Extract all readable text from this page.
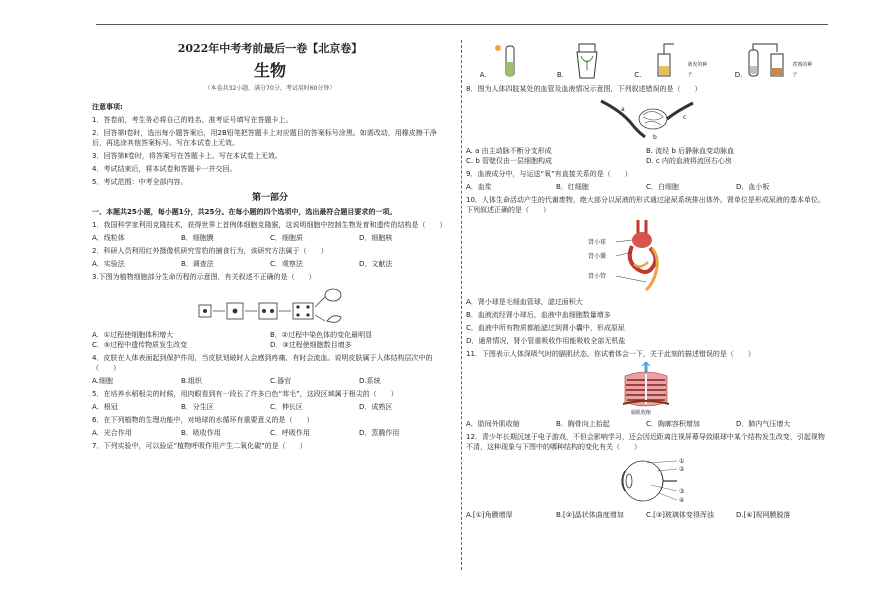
2022年中考考前最后一卷【北京卷】
生物
（本卷共32小题，满分70分，考试用时60分钟）

注意事项:

1．答卷前，考生务必将自己的姓名、准考证号填写在答题卡上。

2．回答第Ⅰ卷时，选出每小题答案后，用2B铅笔把答题卡上对应题目的答案标号涂黑。如需改动，用橡皮擦干净后，再选涂其他答案标号。写在本试卷上无效。

3．回答第Ⅱ卷时，将答案写在答题卡上。写在本试卷上无效。

4．考试结束后，将本试卷和答题卡一并交回。

5．考试范围：中考全部内容。

第一部分

一、本题共25小题，每小题1分，共25分。在每小题的四个选项中，选出最符合题目要求的一项。

1．我国科学家利用克隆技术，获得世界上首例体细胞克隆猴，这说明细胞中控制生物发育和遗传的结构是（　　）

A．线粒体	B．细胞膜	C．细胞质	D．细胞核

2．科研人员利用红外摄像机研究雪豹的捕食行为，该研究方法属于（　　）

A．实验法	B．调查法	C．观察法	D．文献法

3.下图为植物细胞部分生命历程的示意图，有关叙述不正确的是（　　）

A．①过程使细胞体积增大	B．②过程中染色体的变化最明显
C．⑤过程中遗传物质发生改变	D．③过程使细胞数目增多

4．皮肤在人体表面起到保护作用，当皮肤划破时人会感到疼痛，有时会流血。说明皮肤属于人体结构层次中的（　　）

A.细胞	B.组织	C.器官	D.系统

5．在培养水稻根尖的时候，用肉眼看到有一段长了许多白色“茸毛”，这段区域属于根尖的（　　）

A．根冠	B．分生区	C．伸长区	D．成熟区

6．在下列植物的生理功能中，对地球的水循环有重要意义的是（　　）

A．光合作用	B．吸收作用	C．呼吸作用	D．蒸腾作用

7．下列实验中，可以验证“植物呼吸作用产生二氧化碳”的是（　　）

A.	B.	C.
萌发的种子	D.
煮熟的种子

8．图为人体四肢某处的血管及血液情况示意图，下列叙述错误的是（　　）

a
b
c
A. a 由主动脉不断分支形成	B. 流经 b 后静脉血变动脉血
C. b 管壁仅由一层细胞构成	D. c 内的血液将流回右心房

9．血液成分中，与运送“氧”有直接关系的是（　　）

A．血浆	B．红细胞	C．白细胞	D．血小板

10．人体生命活动产生的代谢废物，绝大部分以尿液的形式通过泌尿系统排出体外。肾单位是形成尿液的基本单位。下列叙述正确的是（　　）

肾小球
肾小囊
肾小管

A．肾小球是毛细血管球，滤过面积大

B．血液流经肾小球后，血液中血细胞数量增多

C．血液中所有物质都能滤过到肾小囊中，形成原尿

D．通常情况，肾小管重吸收作用能吸收全部无机盐

11．下图表示人体深吸气时的膈肌状态，你试着体会一下，关于此刻的描述错误的是（　　）

膈肌收缩
A．肋间外肌收缩	B．胸骨向上抬起	C．胸廓容积增加	D．肺内气压增大

12．青少年长期沉迷于电子游戏，不但会影响学习，还会因近距离注视屏幕导致眼球中某个结构发生改变，引起视物不清，这种现象与下图中的哪种结构的变化有关（　　）

①
②
③
④
A.[①]角膜增厚	B.[②]晶状体曲度增加	C.[③]玻璃体变得浑浊	D.[④]视网膜脱落
